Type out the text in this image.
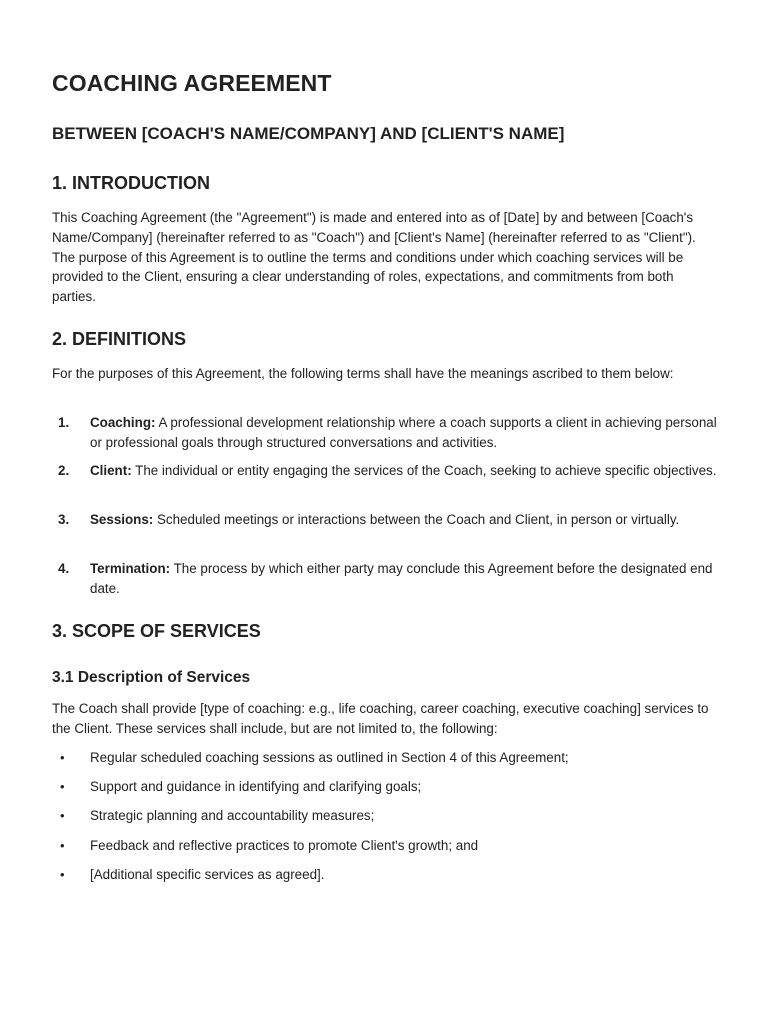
COACHING AGREEMENT
BETWEEN [COACH'S NAME/COMPANY] AND [CLIENT'S NAME]
1. INTRODUCTION

This Coaching Agreement (the "Agreement") is made and entered into as of [Date] by and between [Coach's Name/Company] (hereinafter referred to as "Coach") and [Client's Name] (hereinafter referred to as "Client"). The purpose of this Agreement is to outline the terms and conditions under which coaching services will be provided to the Client, ensuring a clear understanding of roles, expectations, and commitments from both parties.

2. DEFINITIONS

For the purposes of this Agreement, the following terms shall have the meanings ascribed to them below:

1. Coaching: A professional development relationship where a coach supports a client in achieving personal or professional goals through structured conversations and activities.
2. Client: The individual or entity engaging the services of the Coach, seeking to achieve specific objectives.
3. Sessions: Scheduled meetings or interactions between the Coach and Client, in person or virtually.
4. Termination: The process by which either party may conclude this Agreement before the designated end date.
3. SCOPE OF SERVICES
3.1 Description of Services

The Coach shall provide [type of coaching: e.g., life coaching, career coaching, executive coaching] services to the Client. These services shall include, but are not limited to, the following:

• Regular scheduled coaching sessions as outlined in Section 4 of this Agreement;
• Support and guidance in identifying and clarifying goals;
• Strategic planning and accountability measures;
• Feedback and reflective practices to promote Client's growth; and
• [Additional specific services as agreed].
